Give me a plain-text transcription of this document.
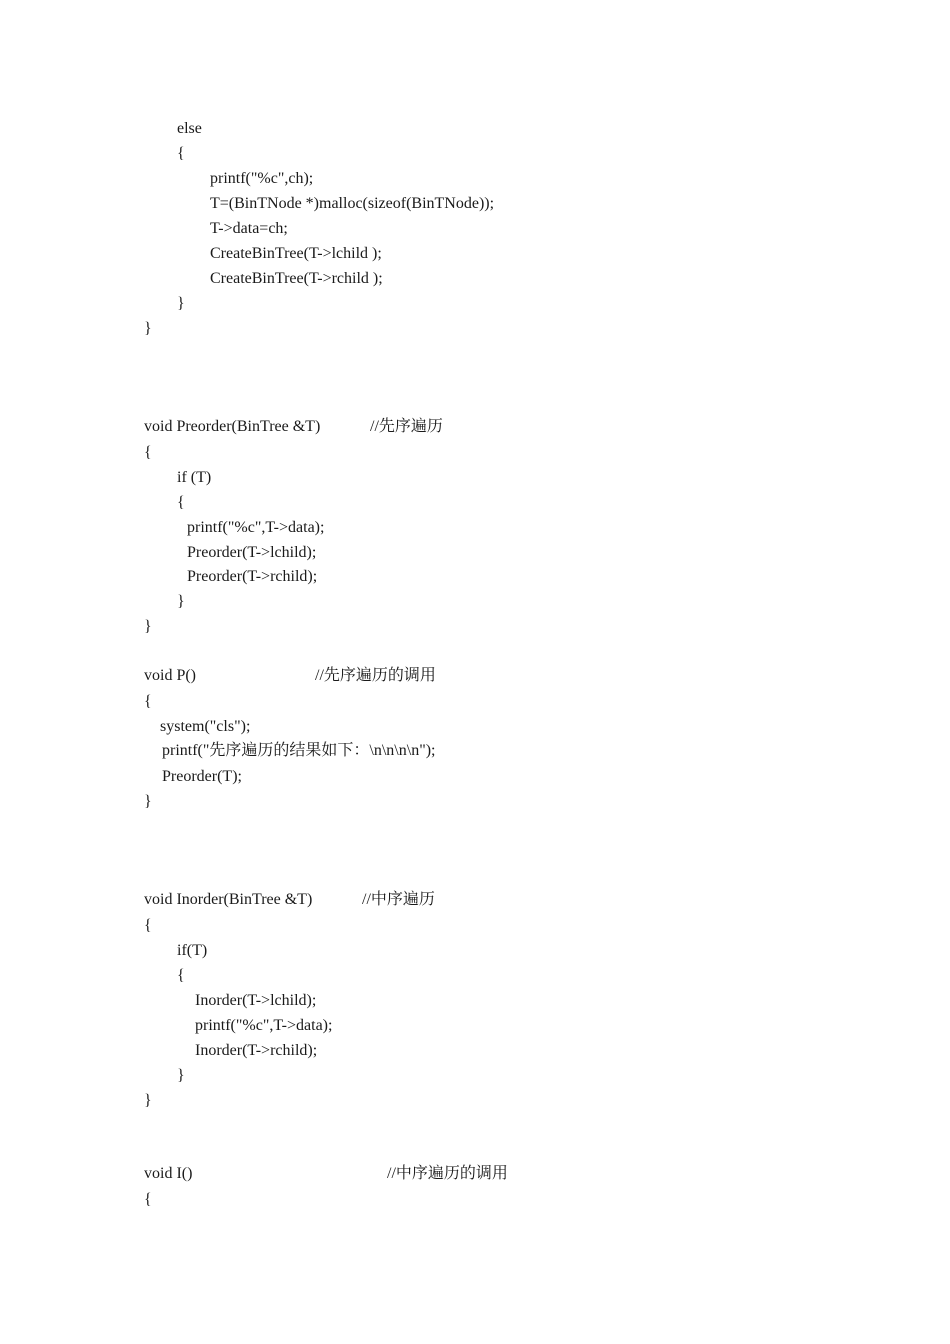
else
{
printf("%c",ch);
T=(BinTNode *)malloc(sizeof(BinTNode));
T->data=ch;
CreateBinTree(T->lchild );
CreateBinTree(T->rchild );
}
}
void Preorder(BinTree &T)	//先序遍历
{
if (T)
{
printf("%c",T->data);
Preorder(T->lchild);
Preorder(T->rchild);
}
}
void P()	//先序遍历的调用
{
system("cls");
printf("先序遍历的结果如下：\n\n\n\n");
Preorder(T);
}
void Inorder(BinTree &T)	//中序遍历
{
if(T)
{
Inorder(T->lchild);
printf("%c",T->data);
Inorder(T->rchild);
}
}
void I()	//中序遍历的调用
{
